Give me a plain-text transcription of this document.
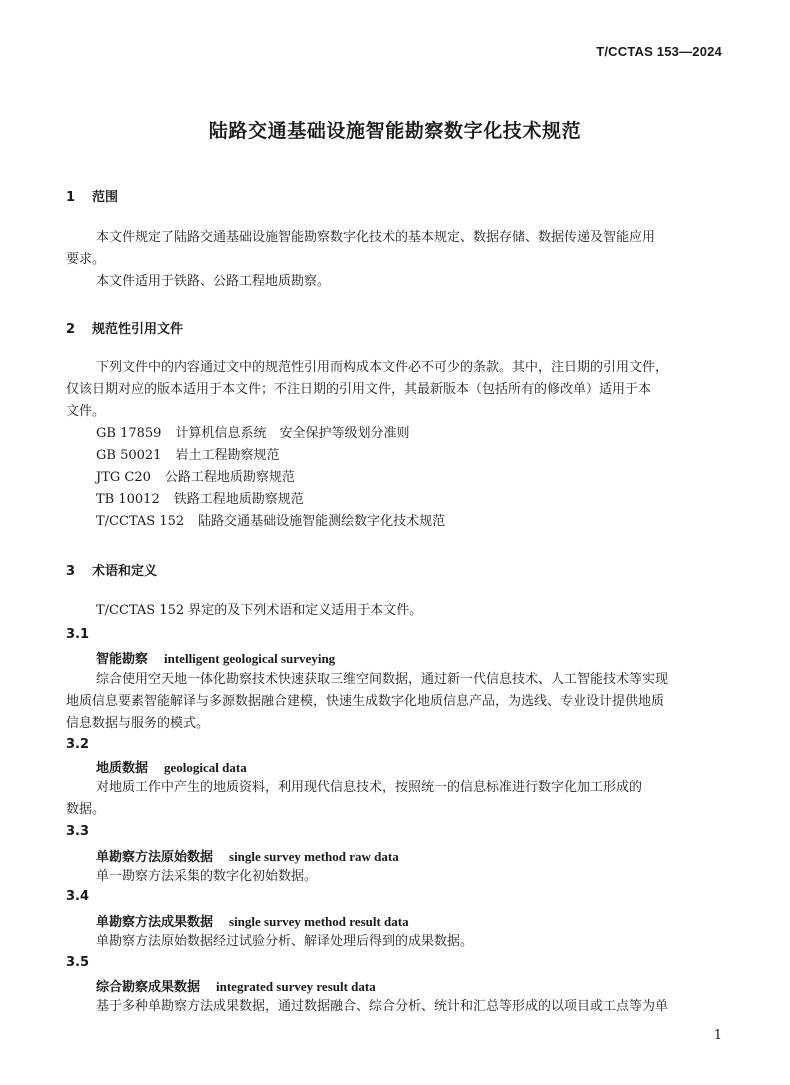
T/CCTAS 153—2024
陆路交通基础设施智能勘察数字化技术规范
1 范围
本文件规定了陆路交通基础设施智能勘察数字化技术的基本规定、数据存储、数据传递及智能应用
要求。
本文件适用于铁路、公路工程地质勘察。
2 规范性引用文件
下列文件中的内容通过文中的规范性引用而构成本文件必不可少的条款。其中，注日期的引用文件，
仅该日期对应的版本适用于本文件；不注日期的引用文件，其最新版本（包括所有的修改单）适用于本
文件。
GB 17859 计算机信息系统　安全保护等级划分准则
GB 50021 岩土工程勘察规范
JTG C20 公路工程地质勘察规范
TB 10012 铁路工程地质勘察规范
T/CCTAS 152 陆路交通基础设施智能测绘数字化技术规范
3 术语和定义
T/CCTAS 152 界定的及下列术语和定义适用于本文件。
3.1
智能勘察 intelligent geological surveying
综合使用空天地一体化勘察技术快速获取三维空间数据，通过新一代信息技术、人工智能技术等实现
地质信息要素智能解译与多源数据融合建模，快速生成数字化地质信息产品，为选线、专业设计提供地质
信息数据与服务的模式。
3.2
地质数据 geological data
对地质工作中产生的地质资料，利用现代信息技术，按照统一的信息标准进行数字化加工形成的
数据。
3.3
单勘察方法原始数据 single survey method raw data
单一勘察方法采集的数字化初始数据。
3.4
单勘察方法成果数据 single survey method result data
单勘察方法原始数据经过试验分析、解译处理后得到的成果数据。
3.5
综合勘察成果数据 integrated survey result data
基于多种单勘察方法成果数据，通过数据融合、综合分析、统计和汇总等形成的以项目或工点等为单
1
